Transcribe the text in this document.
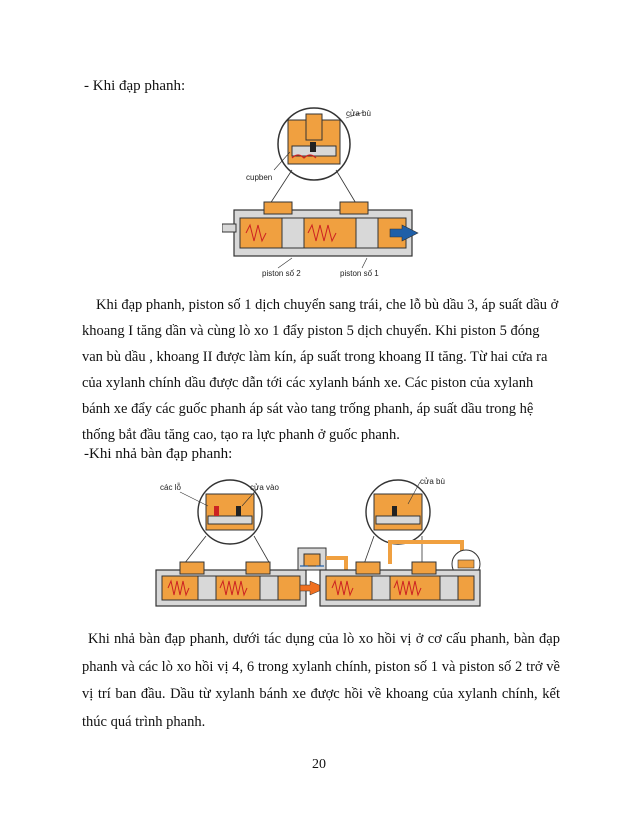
- Khi đạp phanh:

cửa bù
cupben
piston số 2	piston số 1

Khi đạp phanh, piston số 1 dịch chuyển sang trái, che lỗ bù dầu 3, áp suất dầu ở khoang I tăng dần và cùng lò xo 1 đẩy piston 5 dịch chuyển. Khi piston 5 đóng van bù dầu , khoang II được làm kín, áp suất trong khoang II tăng. Từ hai cửa ra của xylanh chính dầu được dẫn tới các xylanh bánh xe. Các piston của xylanh bánh xe đẩy các guốc phanh áp sát vào tang trống phanh, áp suất dầu trong hệ thống bắt đầu tăng cao, tạo ra lực phanh ở guốc phanh.

-Khi nhả bàn đạp phanh:

các lỗ	cửa vào
cửa bù

Khi nhả bàn đạp phanh, dưới tác dụng của lò xo hồi vị ở cơ cấu phanh, bàn đạp phanh và các lò xo hồi vị 4, 6 trong xylanh chính, piston số 1 và piston số 2 trở về vị trí ban đầu. Dầu từ xylanh bánh xe được hồi về khoang của xylanh chính, kết thúc quá trình phanh.

20
